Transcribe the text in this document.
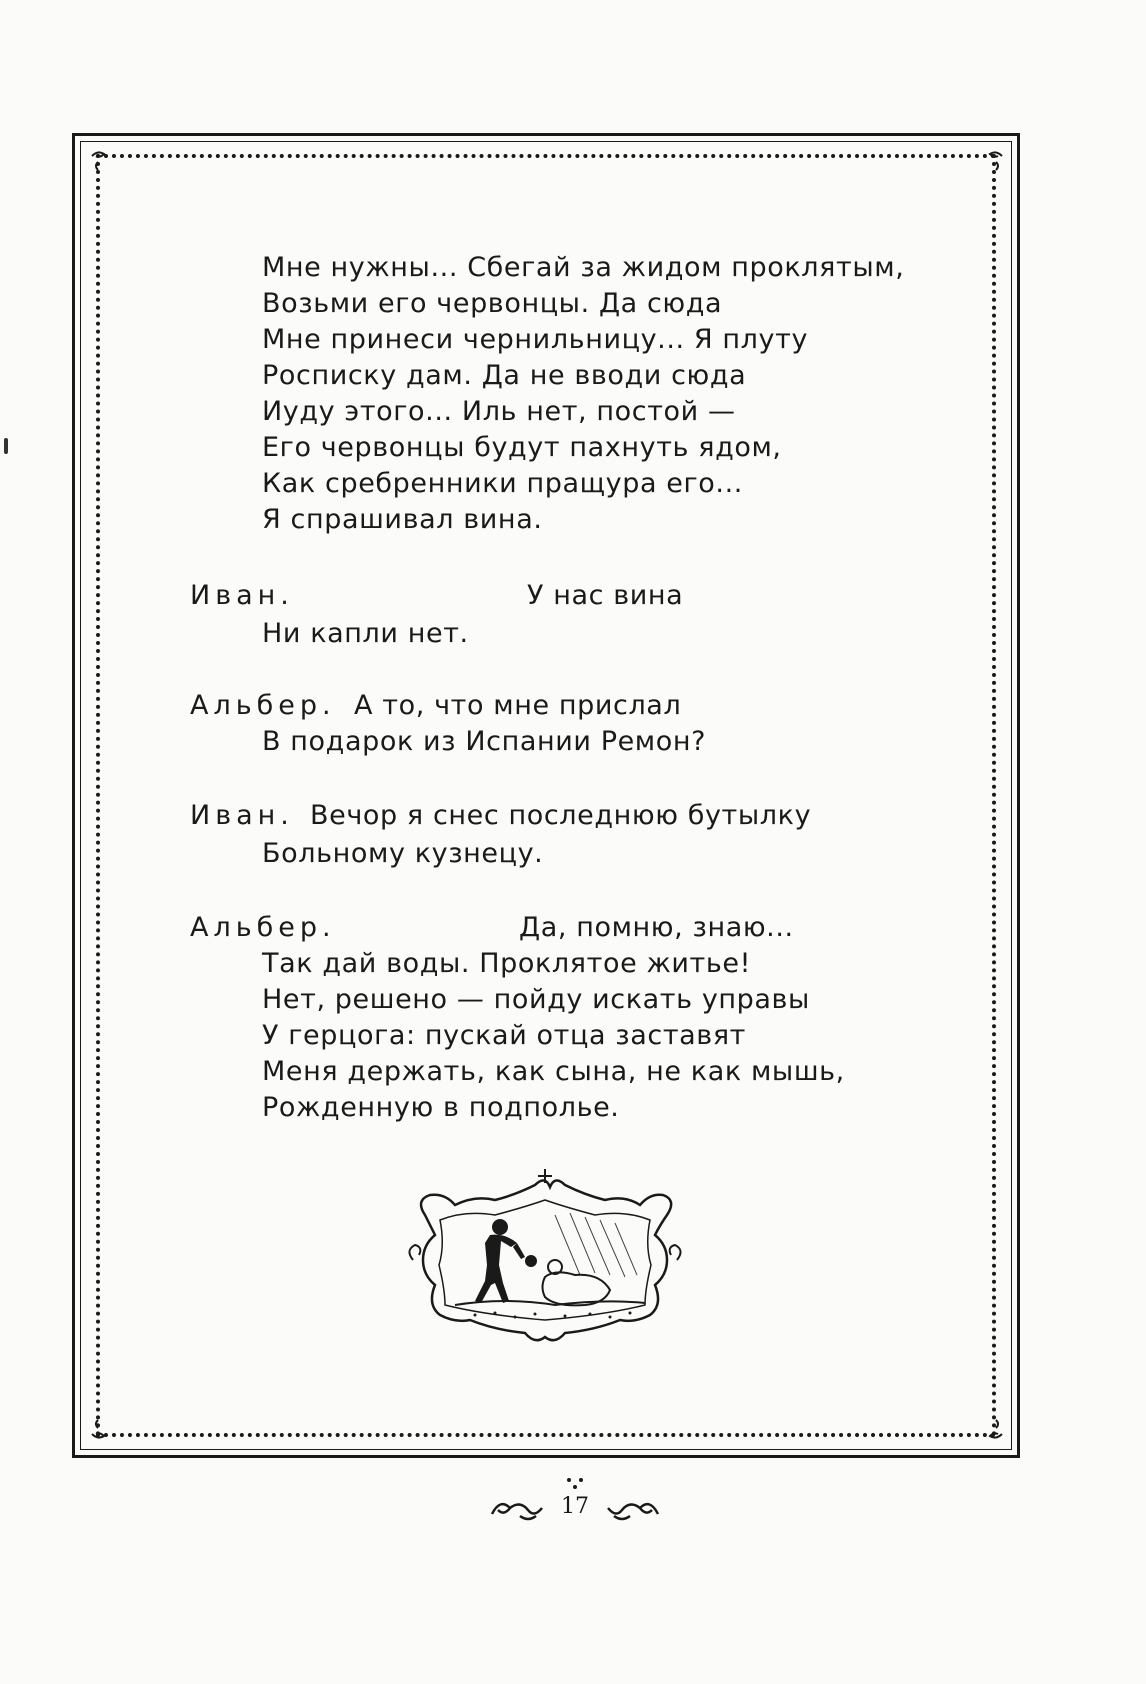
Мне нужны... Сбегай за жидом проклятым,
Возьми его червонцы. Да сюда
Мне принеси чернильницу... Я плуту
Росписку дам. Да не вводи сюда
Иуду этого... Иль нет, постой —
Его червонцы будут пахнуть ядом,
Как сребренники пращура его...
Я спрашивал вина.
Иван.	У нас вина
Ни капли нет.
Альбер. А то, что мне прислал
В подарок из Испании Ремон?
Иван. Вечор я снес последнюю бутылку
Больному кузнецу.
Альбер.	Да, помню, знаю...
Так дай воды. Проклятое житье!
Нет, решено — пойду искать управы
У герцога: пускай отца заставят
Меня держать, как сына, не как мышь,
Рожденную в подполье.
17
